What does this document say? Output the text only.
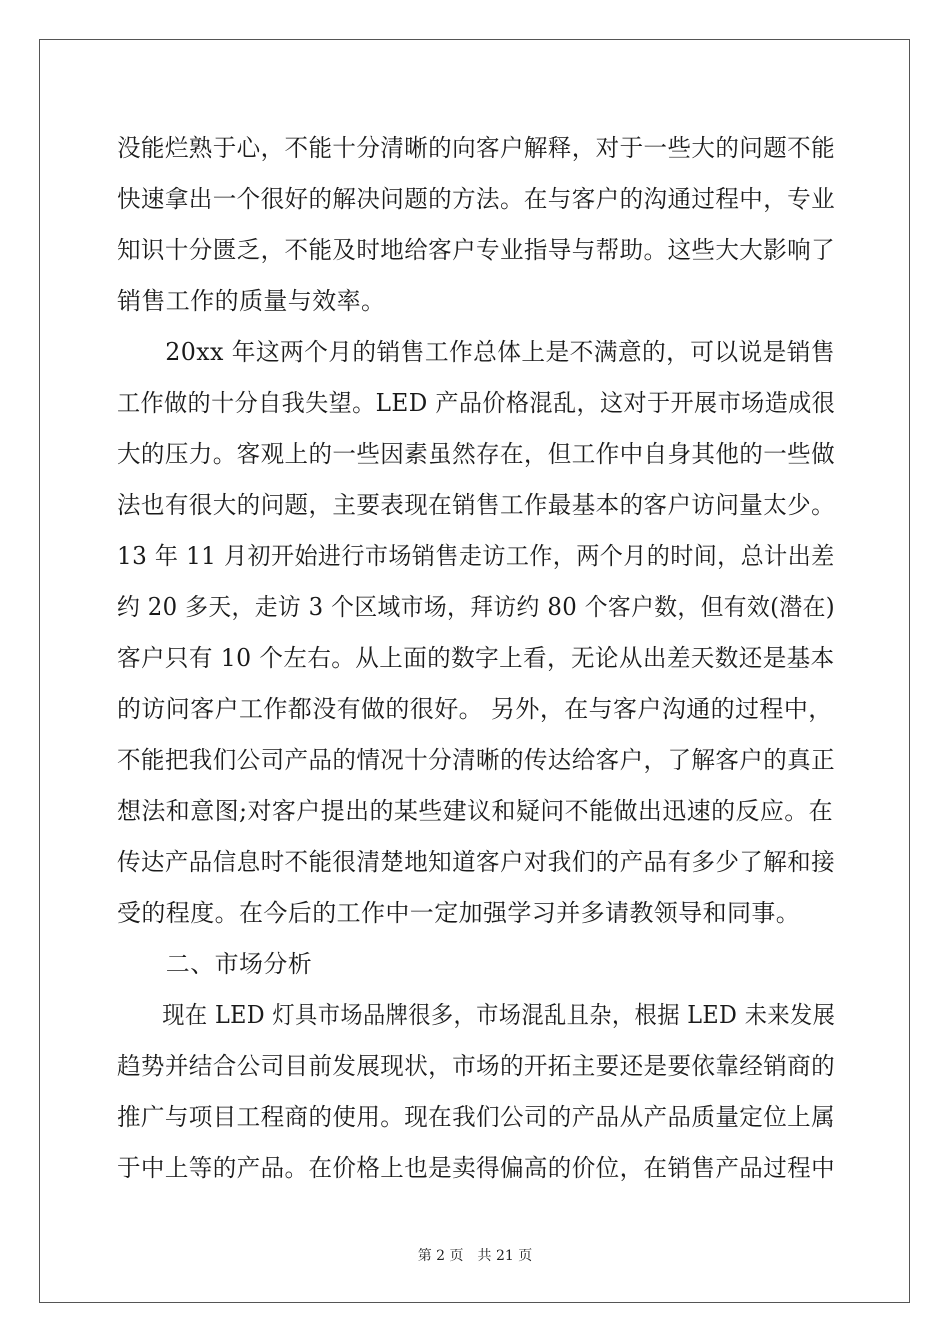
没能烂熟于心，不能十分清晰的向客户解释，对于一些大的问题不能
快速拿出一个很好的解决问题的方法。在与客户的沟通过程中，专业
知识十分匮乏，不能及时地给客户专业指导与帮助。这些大大影响了
销售工作的质量与效率。
　　20xx 年这两个月的销售工作总体上是不满意的，可以说是销售
工作做的十分自我失望。LED 产品价格混乱，这对于开展市场造成很
大的压力。客观上的一些因素虽然存在，但工作中自身其他的一些做
法也有很大的问题，主要表现在销售工作最基本的客户访问量太少。
13 年 11 月初开始进行市场销售走访工作，两个月的时间，总计出差
约 20 多天，走访 3 个区域市场，拜访约 80 个客户数，但有效(潜在)
客户只有 10 个左右。从上面的数字上看，无论从出差天数还是基本
的访问客户工作都没有做的很好。 另外，在与客户沟通的过程中，
不能把我们公司产品的情况十分清晰的传达给客户，了解客户的真正
想法和意图;对客户提出的某些建议和疑问不能做出迅速的反应。在
传达产品信息时不能很清楚地知道客户对我们的产品有多少了解和接
受的程度。在今后的工作中一定加强学习并多请教领导和同事。
　　二、市场分析
　　现在 LED 灯具市场品牌很多，市场混乱且杂，根据 LED 未来发展
趋势并结合公司目前发展现状，市场的开拓主要还是要依靠经销商的
推广与项目工程商的使用。现在我们公司的产品从产品质量定位上属
于中上等的产品。在价格上也是卖得偏高的价位，在销售产品过程中
第 2 页　共 21 页
